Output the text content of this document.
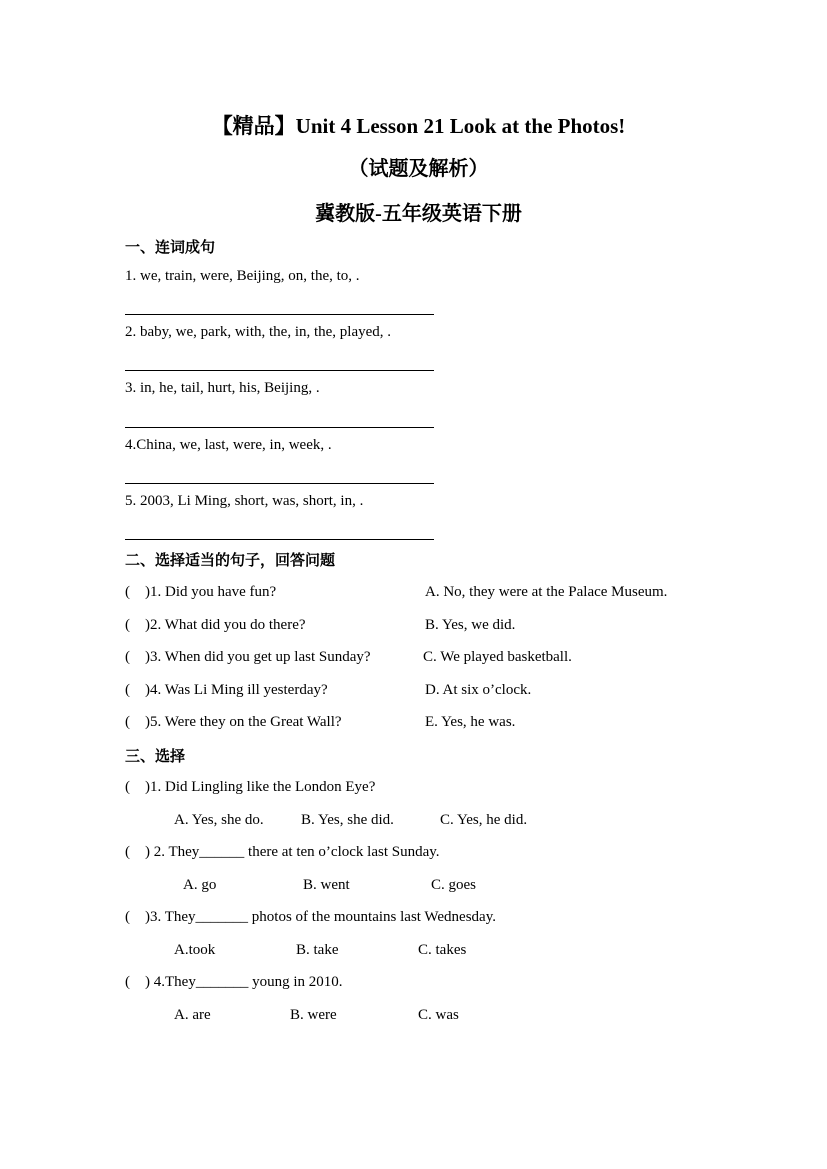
【精品】Unit 4 Lesson 21 Look at the Photos!
（试题及解析）
冀教版-五年级英语下册
一、连词成句
1. we, train, were, Beijing, on, the, to, .
2. baby, we, park, with, the, in, the, played, .
3. in, he, tail, hurt, his, Beijing, .
4.China, we, last, were, in, week, .
5. 2003, Li Ming, short, was, short, in, .
二、选择适当的句子，回答问题
( )1. Did you have fun?	A. No, they were at the Palace Museum.
( )2. What did you do there?	B. Yes, we did.
( )3. When did you get up last Sunday?	C. We played basketball.
( )4. Was Li Ming ill yesterday?	D. At six o’clock.
( )5. Were they on the Great Wall?	E. Yes, he was.
三、选择
( )1. Did Lingling like the London Eye?
A. Yes, she do. B. Yes, she did.	C. Yes, he did.
( ) 2. They______ there at ten o’clock last Sunday.
A. go	B. went	C. goes
( )3. They_______ photos of the mountains last Wednesday.
A.took	B. take	C. takes
( ) 4.They_______ young in 2010.
A. are	B. were	C. was
